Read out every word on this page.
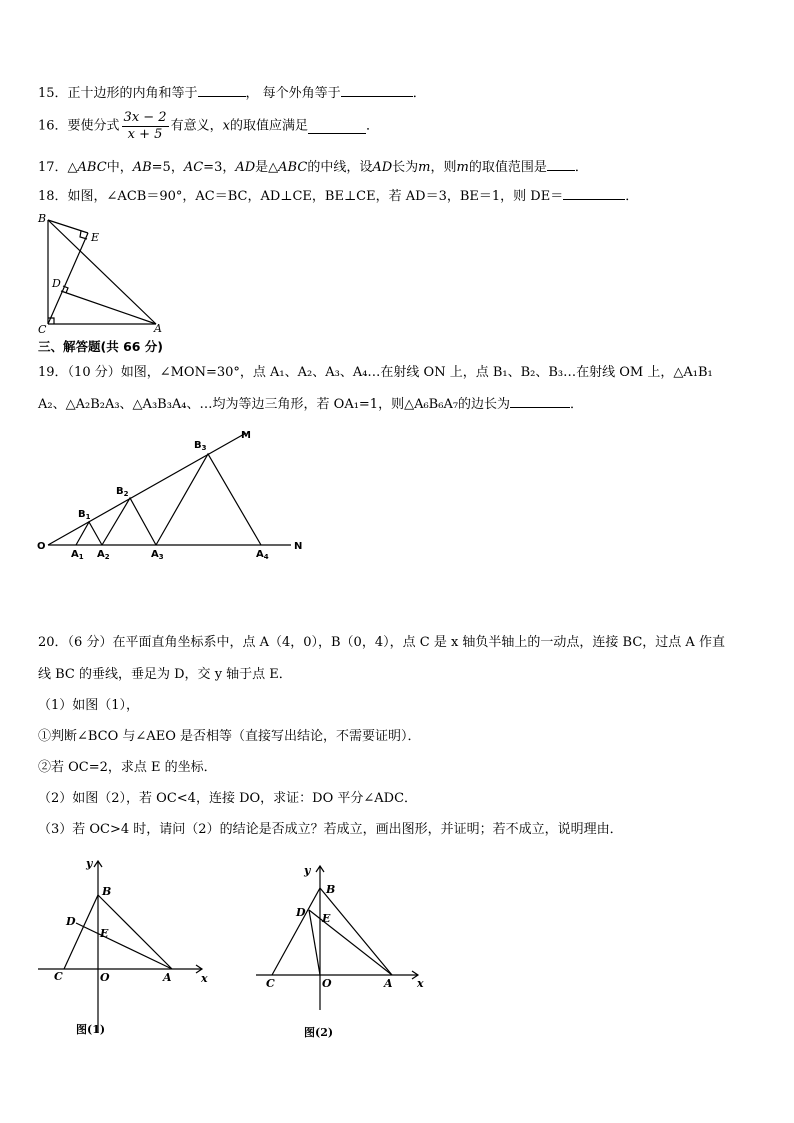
15．正十边形的内角和等于	， 每个外角等于	．
16．要使分式 $\frac{3x - 2}{x + 5}$ 有意义，x的取值应满足	．
17．△ABC中，AB=5，AC=3，AD是△ABC的中线，设AD长为m，则m的取值范围是 ．
18．如图，∠ACB＝90°，AC＝BC，AD⊥CE，BE⊥CE，若 AD＝3，BE＝1，则 DE＝	．
B
E
D
C	A
三、解答题(共 66 分)
19．（10 分）如图，∠MON=30°，点 A₁、A₂、A₃、A₄…在射线 ON 上，点 B₁、B₂、B₃…在射线 OM 上，△A₁B₁
A₂、△A₂B₂A₃、△A₃B₃A₄、…均为等边三角形，若 OA₁=1，则△A₆B₆A₇的边长为	．
O
M
N
$B_1$
$B_2$
$B_3$
$A_1$ $A_2$	$A_3$	$A_4$
20．（6 分）在平面直角坐标系中，点 A（4，0），B（0，4），点 C 是 x 轴负半轴上的一动点，连接 BC，过点 A 作直
线 BC 的垂线，垂足为 D，交 y 轴于点 E．
（1）如图（1），
①判断∠BCO 与∠AEO 是否相等（直接写出结论，不需要证明）．
②若 OC=2，求点 E 的坐标．
（2）如图（2），若 OC<4，连接 DO，求证：DO 平分∠ADC．
（3）若 OC>4 时，请问（2）的结论是否成立？若成立，画出图形，并证明；若不成立，说明理由．
y
x
B
D
E
C	O	A
图(1)
y
x
B
D E
C	O	A
图(2)
